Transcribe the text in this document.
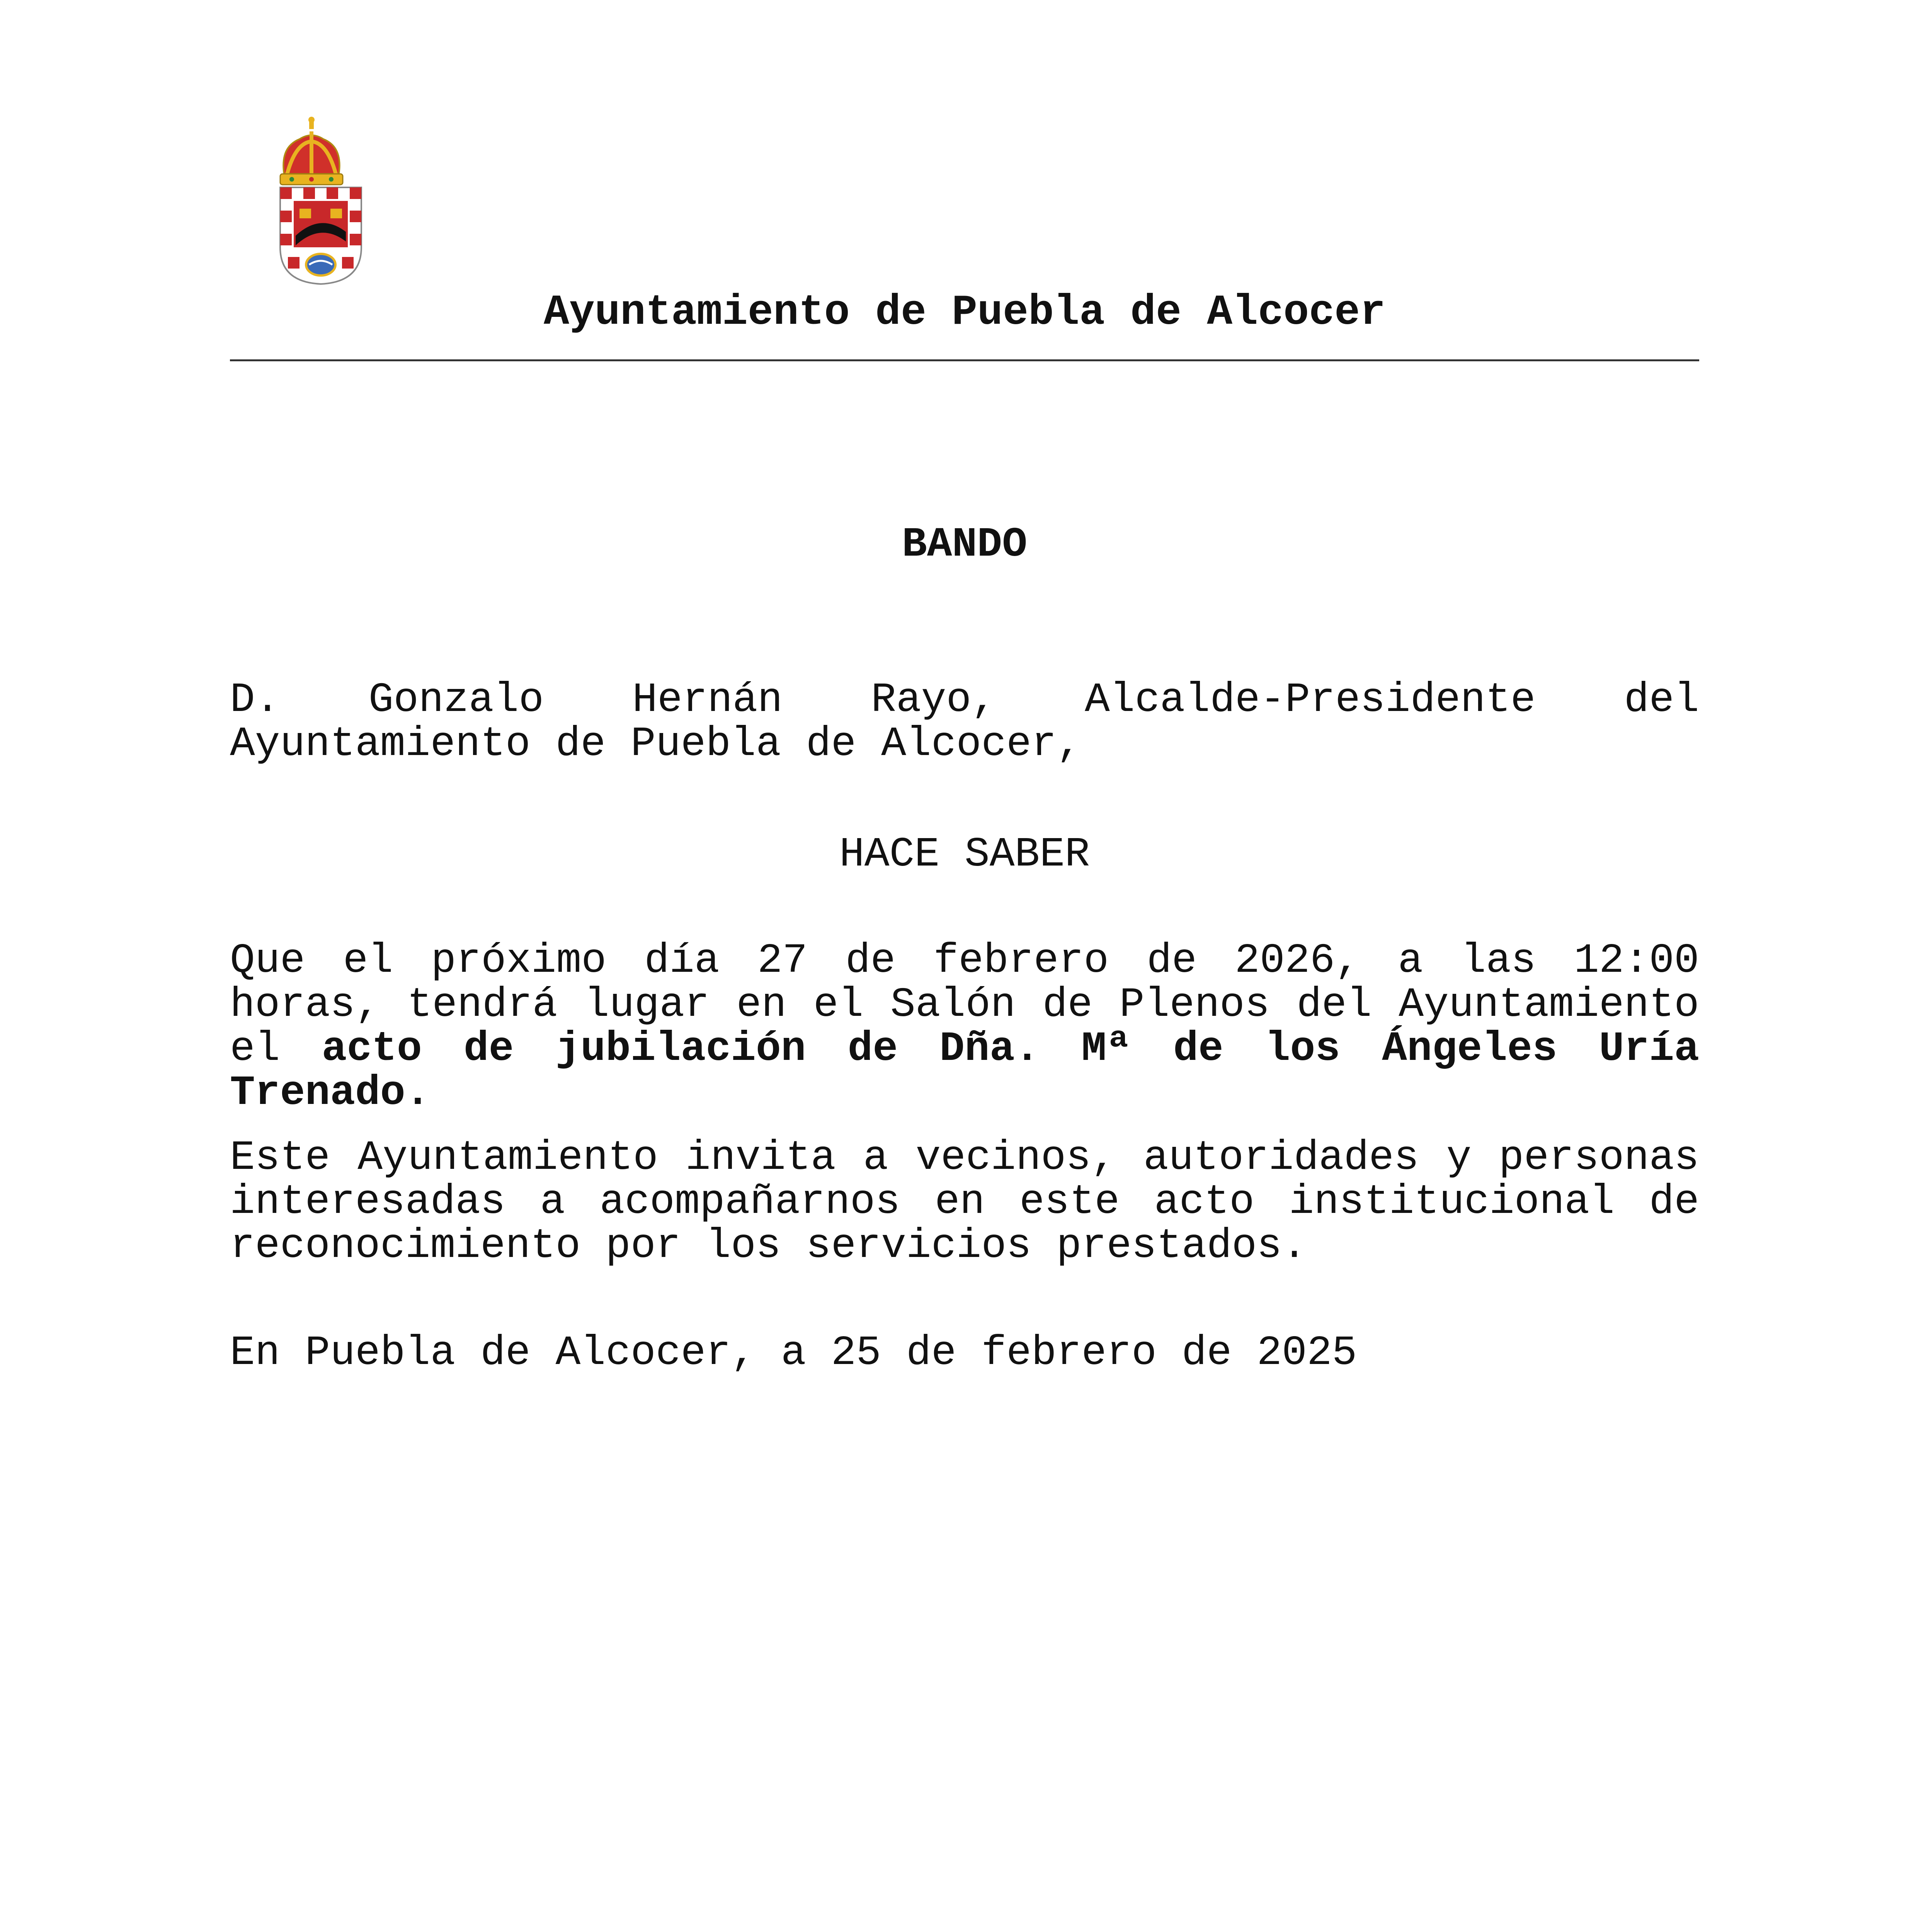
Ayuntamiento de Puebla de Alcocer
BANDO

D. Gonzalo Hernán Rayo, Alcalde-Presidente del Ayuntamiento de Puebla de Alcocer,

HACE SABER

Que el próximo día 27 de febrero de 2026, a las 12:00 horas, tendrá lugar en el Salón de Plenos del Ayuntamiento el acto de jubilación de Dña. Mª de los Ángeles Uría Trenado.

Este Ayuntamiento invita a vecinos, autoridades y personas interesadas a acompañarnos en este acto institucional de reconocimiento por los servicios prestados.

En Puebla de Alcocer, a 25 de febrero de 2025
